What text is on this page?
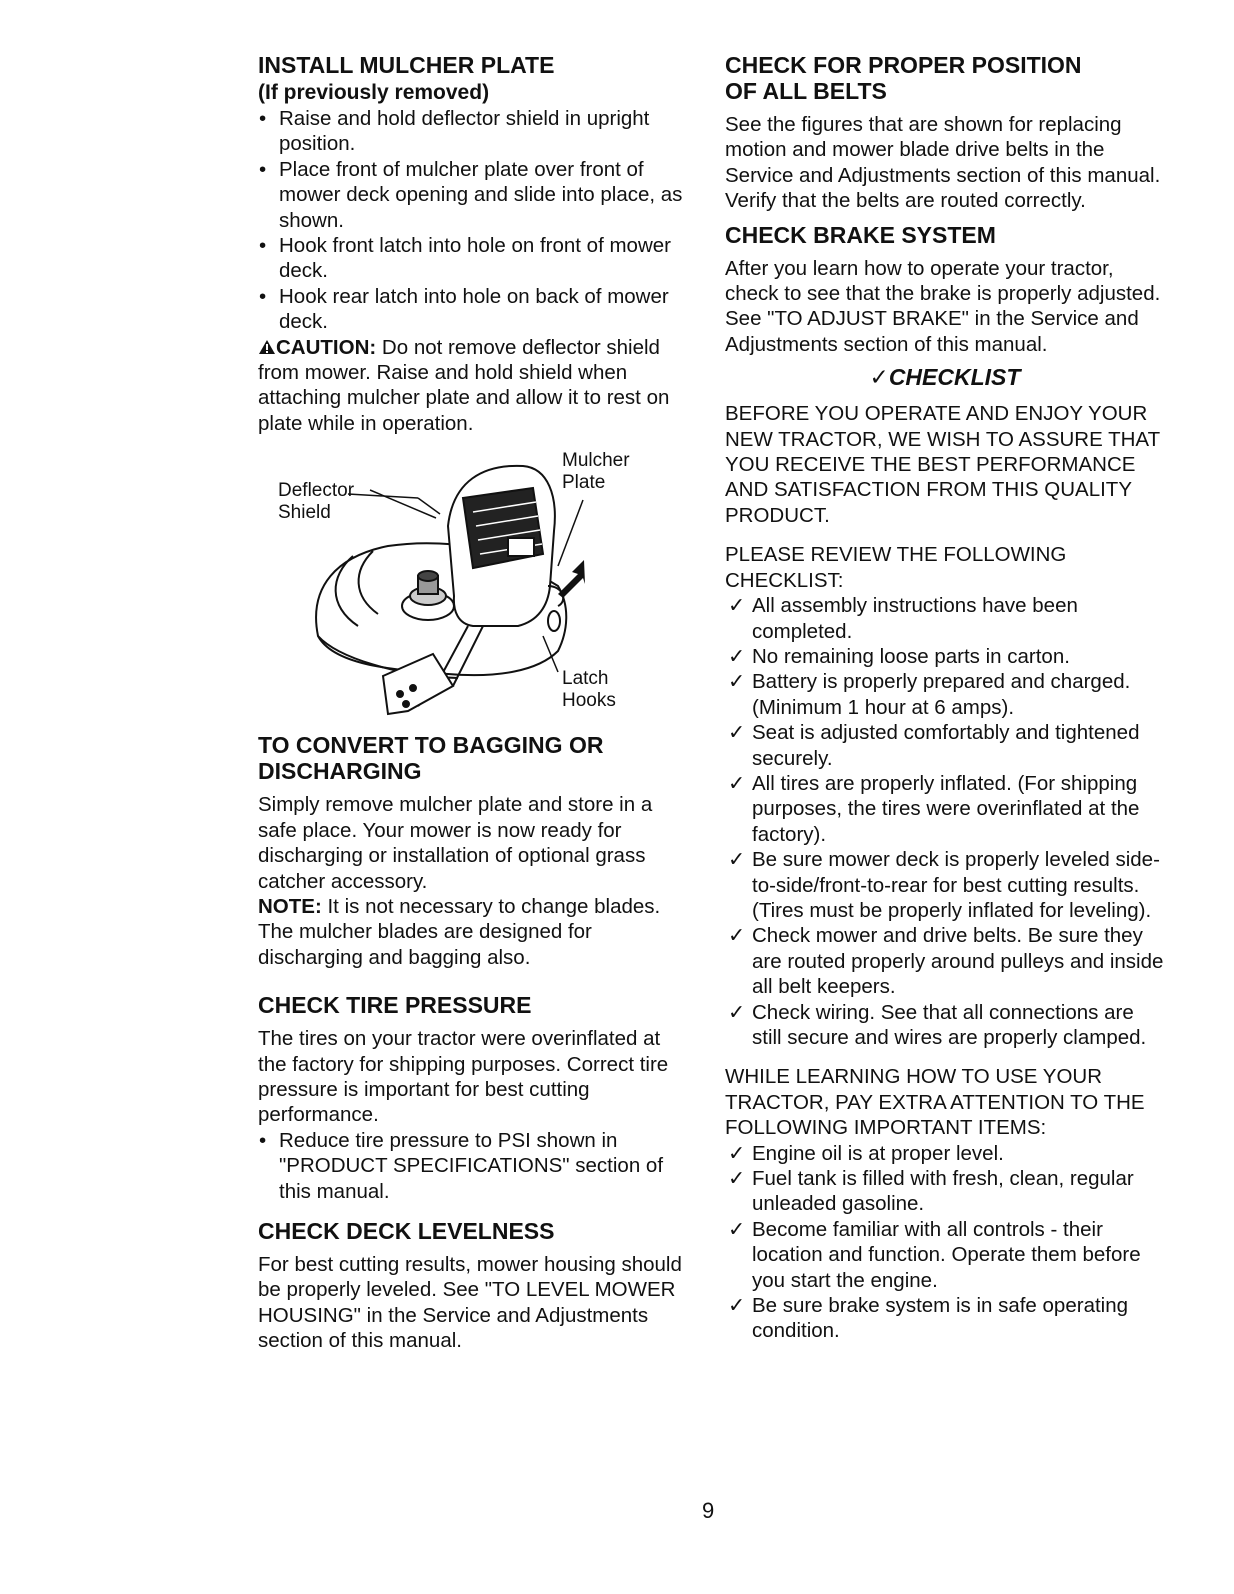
INSTALL MULCHER PLATE
(If previously removed)
• Raise and hold deflector shield in upright position.
• Place front of mulcher plate over front of mower deck opening and slide into place, as shown.
• Hook front latch into hole on front of mower deck.
• Hook rear latch into hole on back of mower deck.

CAUTION: Do not remove deflector shield from mower. Raise and hold shield when attaching mulcher plate and allow it to rest on plate while in operation.

Deflector
Shield
Mulcher
Plate
Latch
Hooks
TO CONVERT TO BAGGING OR
DISCHARGING

Simply remove mulcher plate and store in a safe place. Your mower is now ready for discharging or installation of optional grass catcher accessory.

NOTE: It is not necessary to change blades. The mulcher blades are designed for discharging and bagging also.

CHECK TIRE PRESSURE

The tires on your tractor were overinflated at the factory for shipping purposes. Correct tire pressure is important for best cutting performance.

• Reduce tire pressure to PSI shown in "PRODUCT SPECIFICATIONS" section of this manual.
CHECK DECK LEVELNESS

For best cutting results, mower housing should be properly leveled. See "TO LEVEL MOWER HOUSING" in the Service and Adjustments section of this manual.

CHECK FOR PROPER POSITION
OF ALL BELTS

See the figures that are shown for replacing motion and mower blade drive belts in the Service and Adjustments section of this manual. Verify that the belts are routed correctly.

CHECK BRAKE SYSTEM

After you learn how to operate your tractor, check to see that the brake is properly adjusted. See "TO ADJUST BRAKE" in the Service and Adjustments section of this manual.

✓CHECKLIST

BEFORE YOU OPERATE AND ENJOY YOUR NEW TRACTOR, WE WISH TO ASSURE THAT YOU RECEIVE THE BEST PERFORMANCE AND SATISFACTION FROM THIS QUALITY PRODUCT.

PLEASE REVIEW THE FOLLOWING CHECKLIST:

✓ All assembly instructions have been completed.
✓ No remaining loose parts in carton.
✓ Battery is properly prepared and charged. (Minimum 1 hour at 6 amps).
✓ Seat is adjusted comfortably and tightened securely.
✓ All tires are properly inflated. (For shipping purposes, the tires were overinflated at the factory).
✓ Be sure mower deck is properly leveled side-to-side/front-to-rear for best cutting results. (Tires must be properly inflated for leveling).
✓ Check mower and drive belts. Be sure they are routed properly around pulleys and inside all belt keepers.
✓ Check wiring. See that all connections are still secure and wires are properly clamped.

WHILE LEARNING HOW TO USE YOUR TRACTOR, PAY EXTRA ATTENTION TO THE FOLLOWING IMPORTANT ITEMS:

✓ Engine oil is at proper level.
✓ Fuel tank is filled with fresh, clean, regular unleaded gasoline.
✓ Become familiar with all controls - their location and function. Operate them before you start the engine.
✓ Be sure brake system is in safe operating condition.
9
